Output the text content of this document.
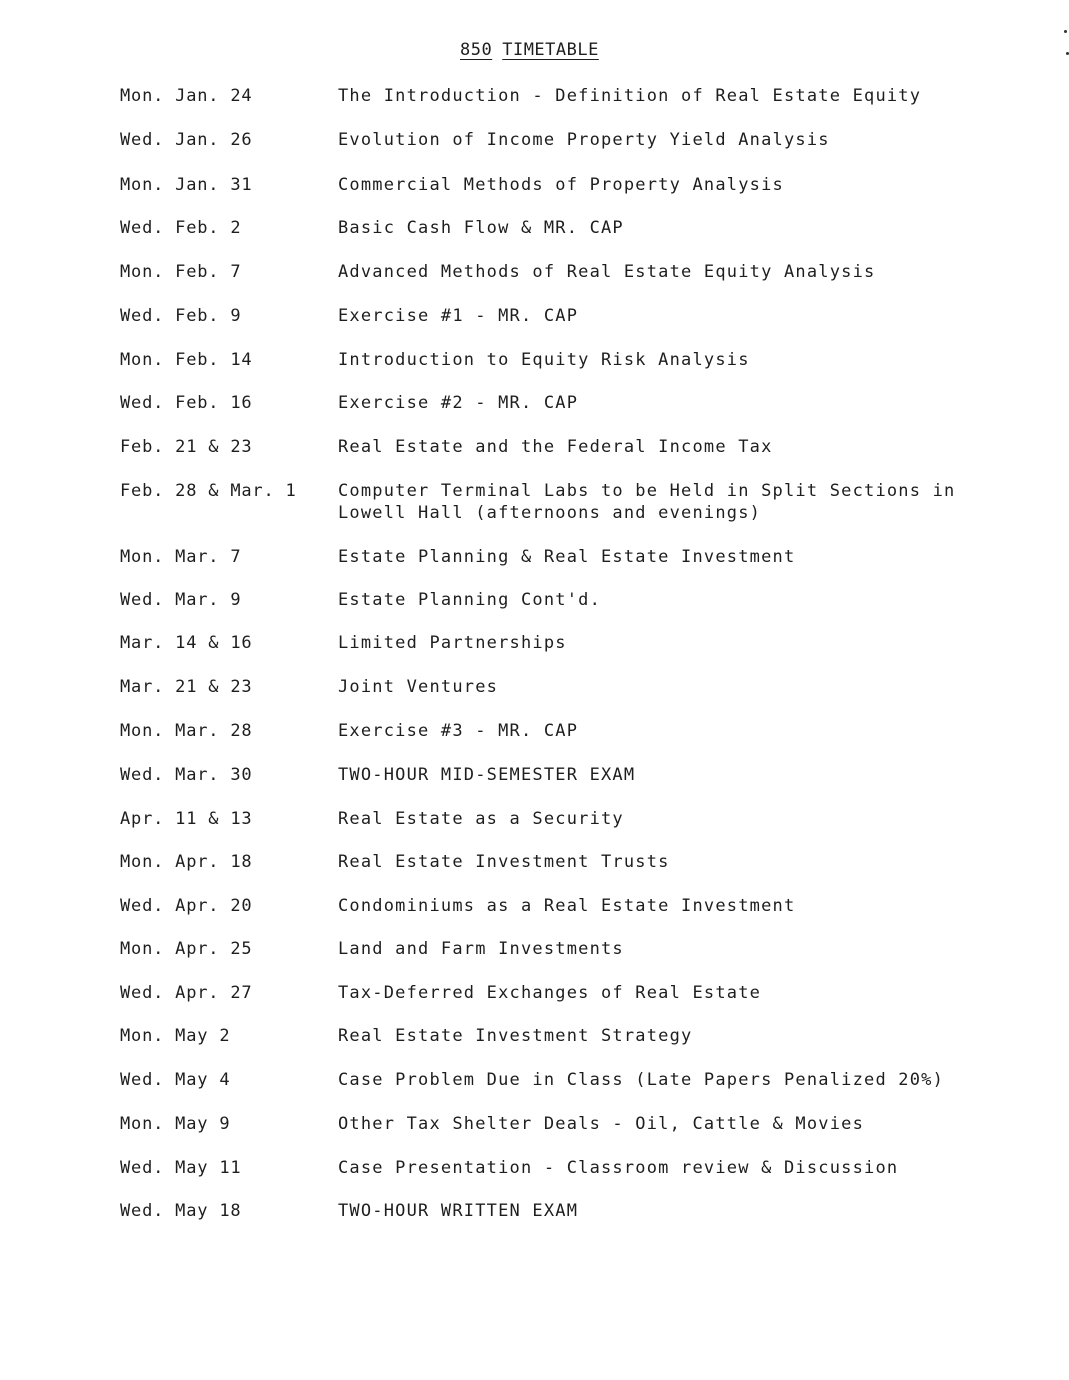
850 TIMETABLE
Mon. Jan. 24	The Introduction - Definition of Real Estate Equity
Wed. Jan. 26	Evolution of Income Property Yield Analysis
Mon. Jan. 31	Commercial Methods of Property Analysis
Wed. Feb. 2	Basic Cash Flow & MR. CAP
Mon. Feb. 7	Advanced Methods of Real Estate Equity Analysis
Wed. Feb. 9	Exercise #1 - MR. CAP
Mon. Feb. 14	Introduction to Equity Risk Analysis
Wed. Feb. 16	Exercise #2 - MR. CAP
Feb. 21 & 23	Real Estate and the Federal Income Tax
Feb. 28 & Mar. 1 Computer Terminal Labs to be Held in Split Sections in
Lowell Hall (afternoons and evenings)
Mon. Mar. 7	Estate Planning & Real Estate Investment
Wed. Mar. 9	Estate Planning Cont'd.
Mar. 14 & 16	Limited Partnerships
Mar. 21 & 23	Joint Ventures
Mon. Mar. 28	Exercise #3 - MR. CAP
Wed. Mar. 30	TWO-HOUR MID-SEMESTER EXAM
Apr. 11 & 13	Real Estate as a Security
Mon. Apr. 18	Real Estate Investment Trusts
Wed. Apr. 20	Condominiums as a Real Estate Investment
Mon. Apr. 25	Land and Farm Investments
Wed. Apr. 27	Tax-Deferred Exchanges of Real Estate
Mon. May 2	Real Estate Investment Strategy
Wed. May 4	Case Problem Due in Class (Late Papers Penalized 20%)
Mon. May 9	Other Tax Shelter Deals - Oil, Cattle & Movies
Wed. May 11	Case Presentation - Classroom review & Discussion
Wed. May 18	TWO-HOUR WRITTEN EXAM
